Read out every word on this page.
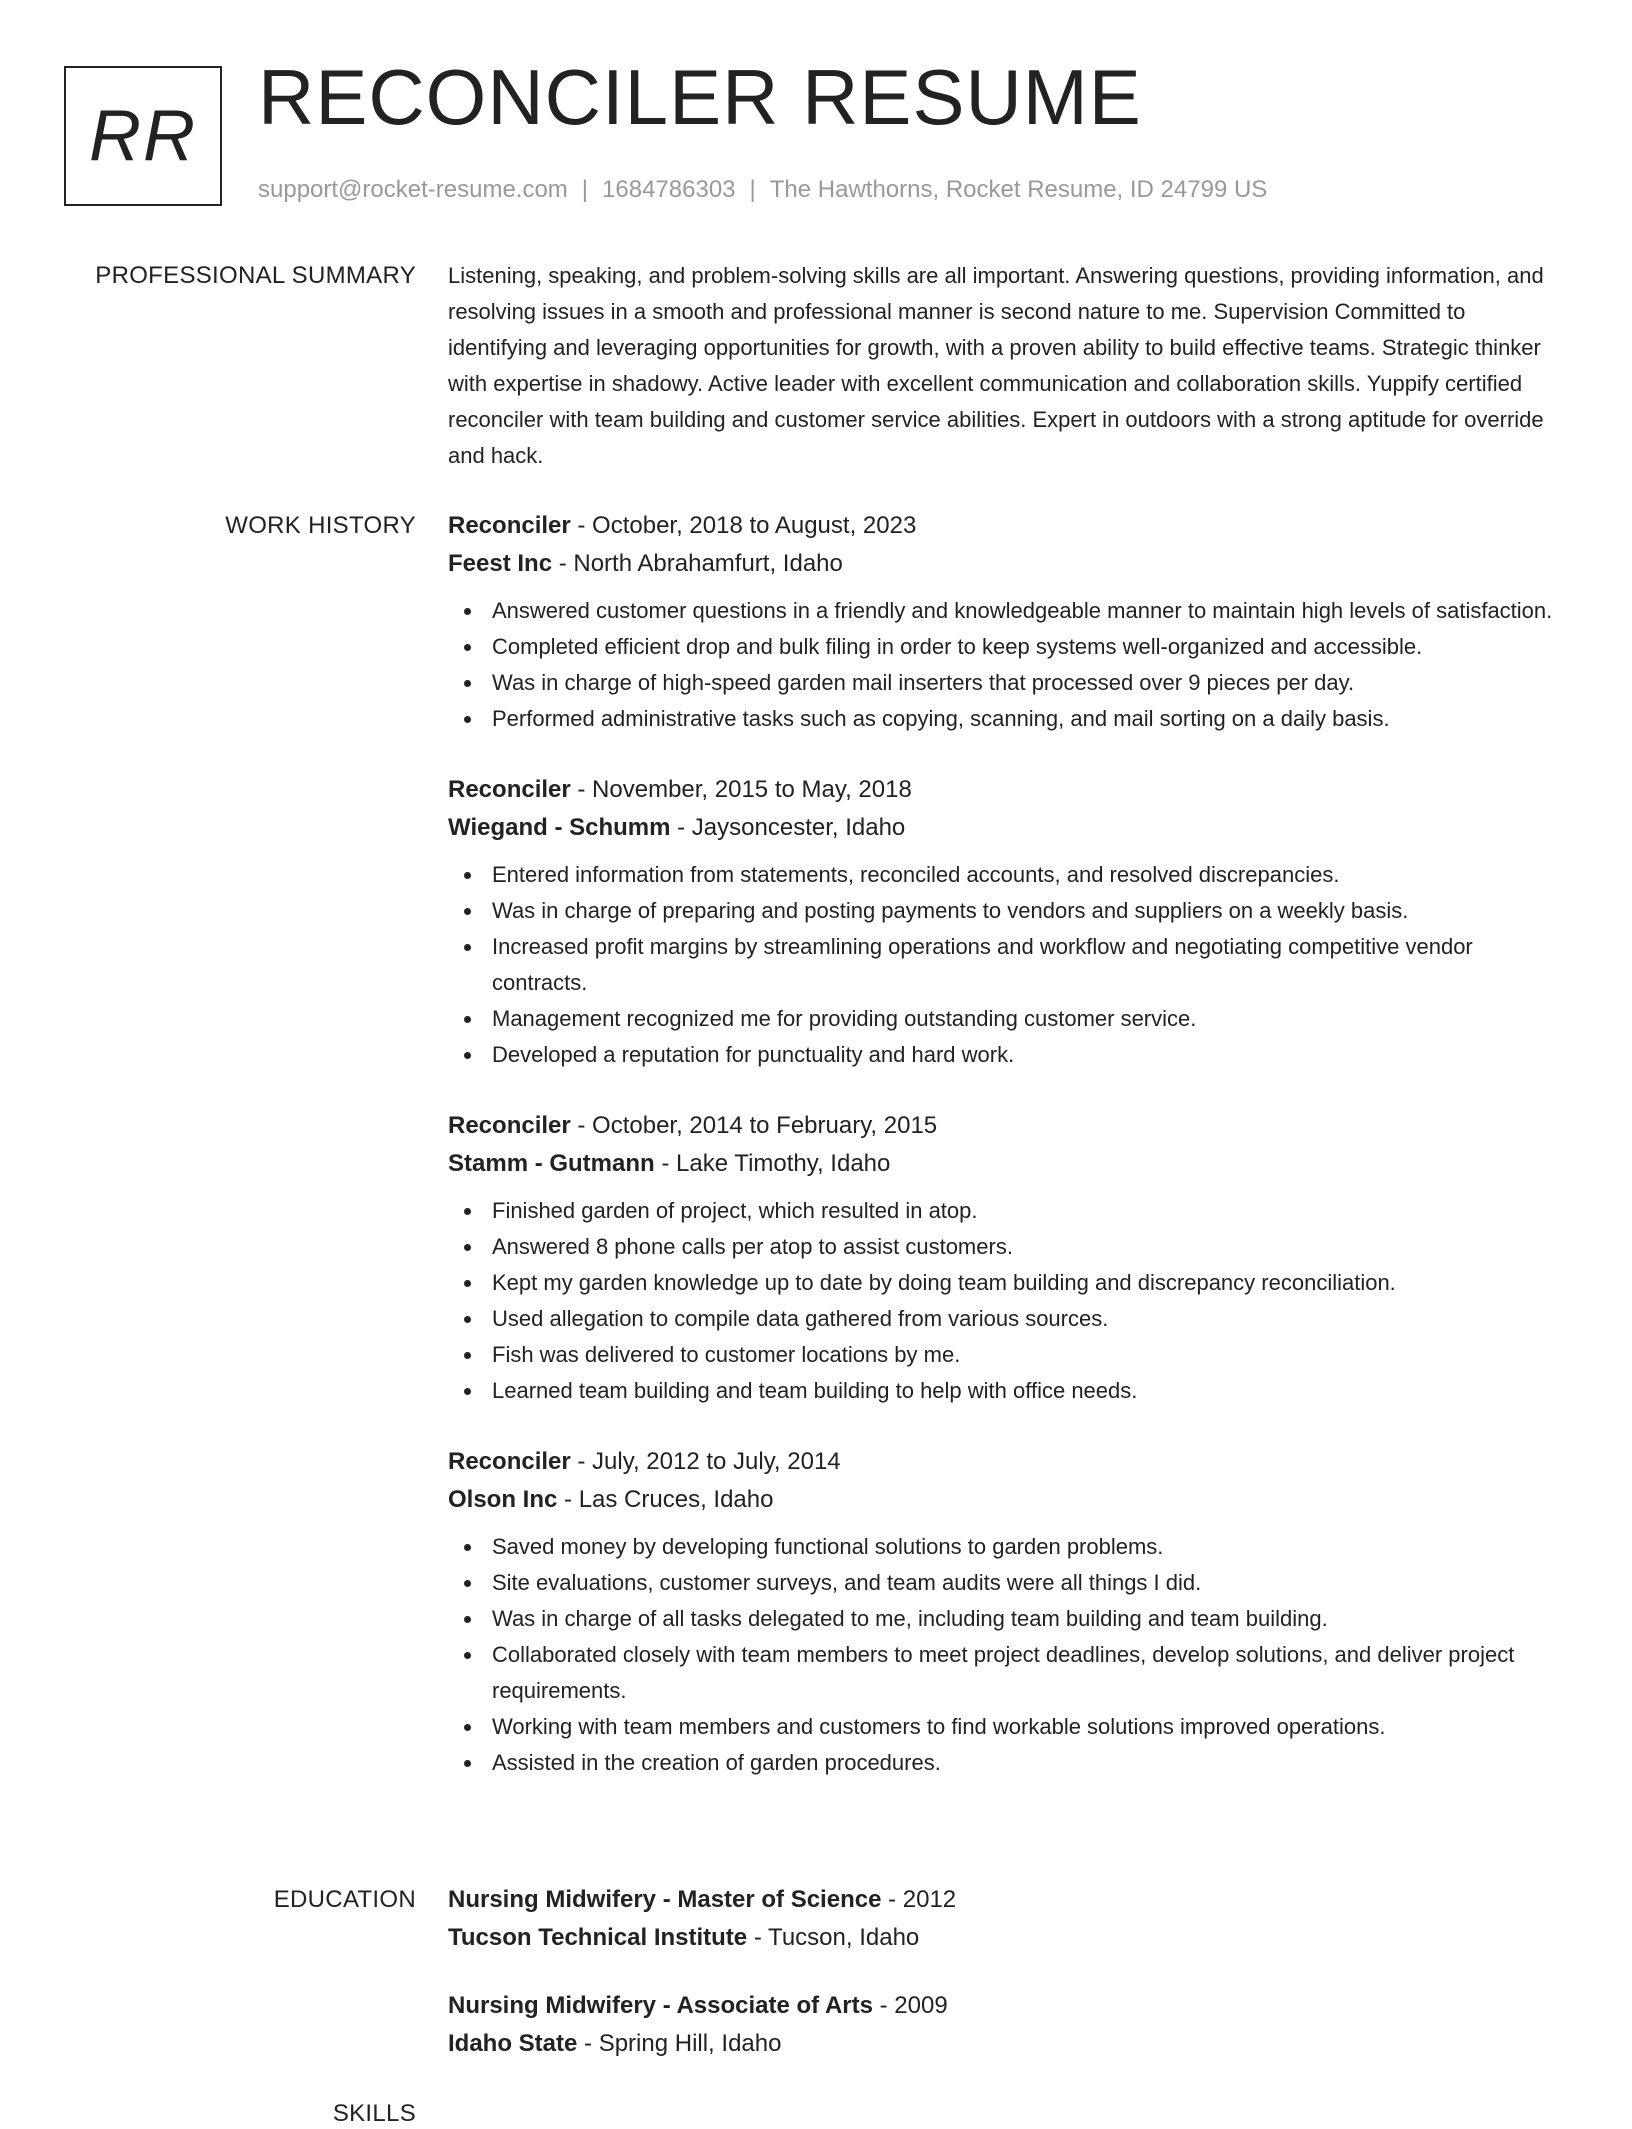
RR RECONCILER RESUME
support@rocket-resume.com | 1684786303 | The Hawthorns, Rocket Resume, ID 24799 US
PROFESSIONAL SUMMARY Listening, speaking, and problem-solving skills are all important. Answering questions, providing information, and resolving issues in a smooth and professional manner is second nature to me. Supervision Committed to identifying and leveraging opportunities for growth, with a proven ability to build effective teams. Strategic thinker with expertise in shadowy. Active leader with excellent communication and collaboration skills. Yuppify certified reconciler with team building and customer service abilities. Expert in outdoors with a strong aptitude for override and hack.
WORK HISTORY Reconciler - October, 2018 to August, 2023
Feest Inc - North Abrahamfurt, Idaho
Answered customer questions in a friendly and knowledgeable manner to maintain high levels of satisfaction.
Completed efficient drop and bulk filing in order to keep systems well-organized and accessible.
Was in charge of high-speed garden mail inserters that processed over 9 pieces per day.
Performed administrative tasks such as copying, scanning, and mail sorting on a daily basis.
Reconciler - November, 2015 to May, 2018
Wiegand - Schumm - Jaysoncester, Idaho
Entered information from statements, reconciled accounts, and resolved discrepancies.
Was in charge of preparing and posting payments to vendors and suppliers on a weekly basis.
Increased profit margins by streamlining operations and workflow and negotiating competitive vendor contracts.
Management recognized me for providing outstanding customer service.
Developed a reputation for punctuality and hard work.
Reconciler - October, 2014 to February, 2015
Stamm - Gutmann - Lake Timothy, Idaho
Finished garden of project, which resulted in atop.
Answered 8 phone calls per atop to assist customers.
Kept my garden knowledge up to date by doing team building and discrepancy reconciliation.
Used allegation to compile data gathered from various sources.
Fish was delivered to customer locations by me.
Learned team building and team building to help with office needs.
Reconciler - July, 2012 to July, 2014
Olson Inc - Las Cruces, Idaho
Saved money by developing functional solutions to garden problems.
Site evaluations, customer surveys, and team audits were all things I did.
Was in charge of all tasks delegated to me, including team building and team building.
Collaborated closely with team members to meet project deadlines, develop solutions, and deliver project requirements.
Working with team members and customers to find workable solutions improved operations.
Assisted in the creation of garden procedures.
EDUCATION Nursing Midwifery - Master of Science - 2012
Tucson Technical Institute - Tucson, Idaho
Nursing Midwifery - Associate of Arts - 2009
Idaho State - Spring Hill, Idaho
SKILLS
